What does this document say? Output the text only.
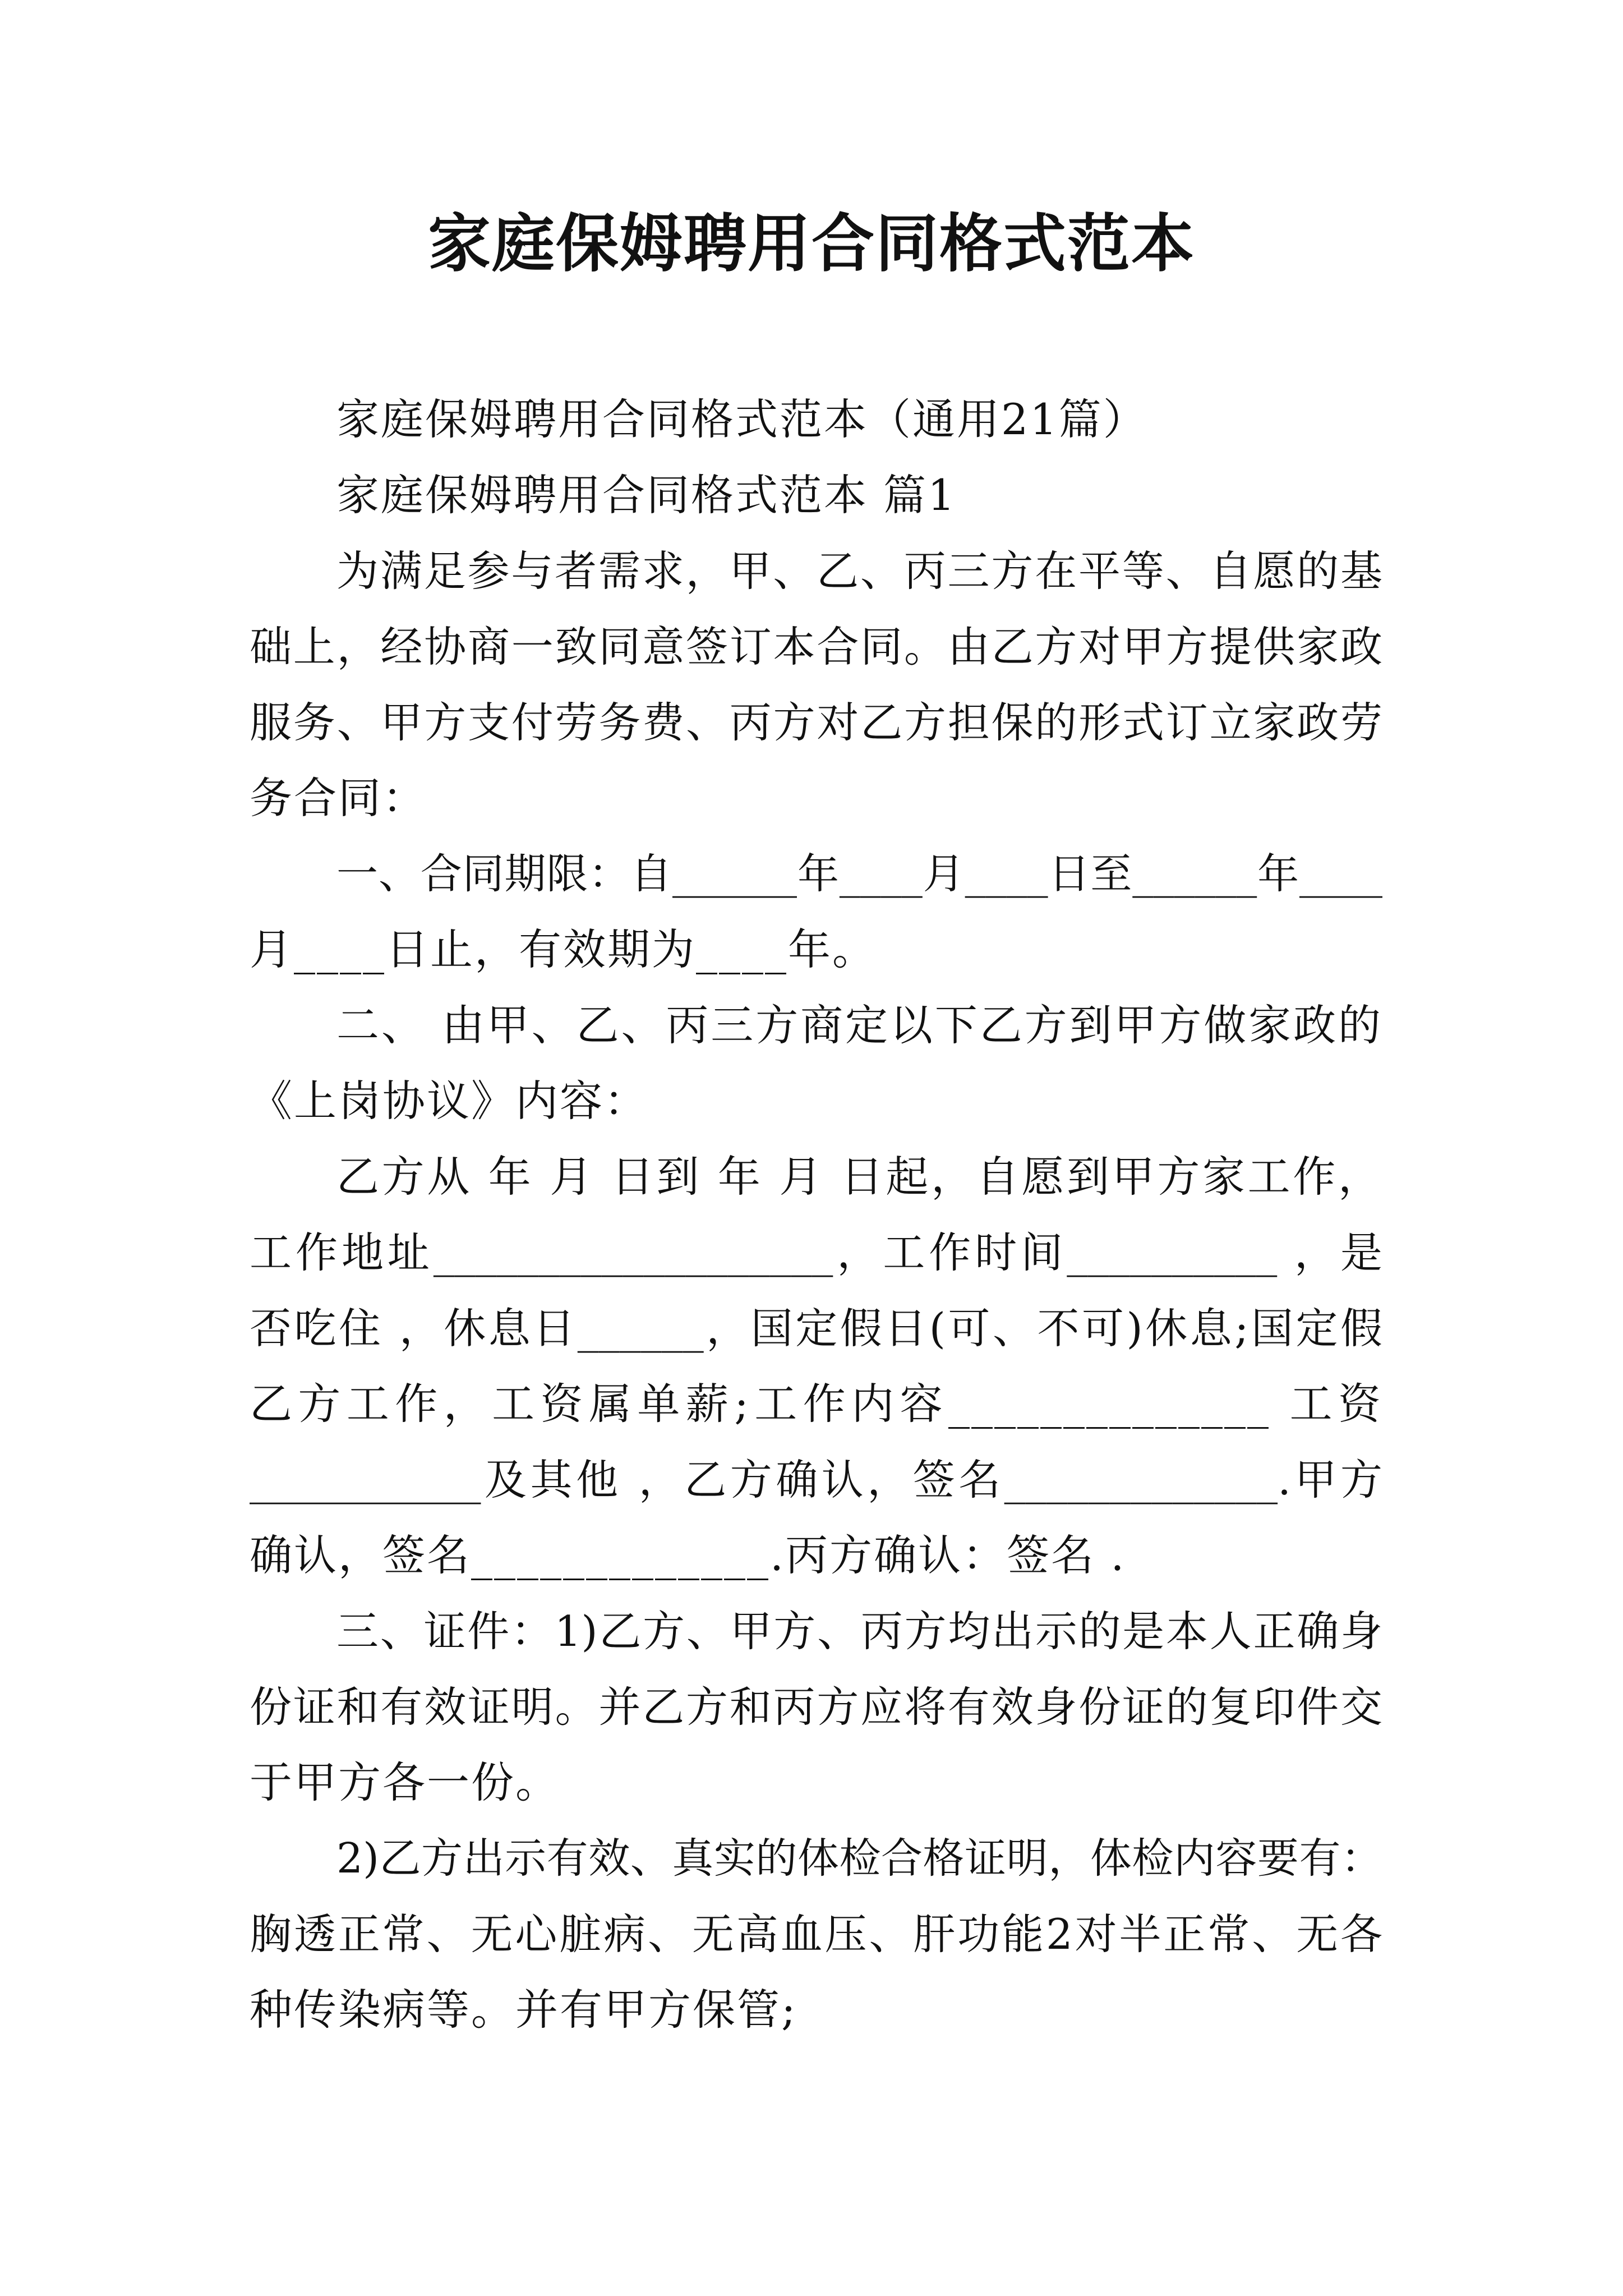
家庭保姆聘用合同格式范本
家庭保姆聘用合同格式范本（通用21篇）
家庭保姆聘用合同格式范本 篇1
为满足参与者需求，甲、乙、丙三方在平等、自愿的基
础上，经协商一致同意签订本合同。由乙方对甲方提供家政
服务、甲方支付劳务费、丙方对乙方担保的形式订立家政劳
务合同：
一、合同期限：自______年____月____日至______年____
月____日止，有效期为____年。
二、 由甲、乙、丙三方商定以下乙方到甲方做家政的
《上岗协议》内容：
乙方从 年 月 日到 年 月 日起，自愿到甲方家工作，
工作地址___________________，工作时间__________ ，是
否吃住 ，休息日______，国定假日(可、不可)休息;国定假
乙方工作，工资属单薪;工作内容______________ 工资
___________及其他 ，乙方确认，签名_____________.甲方
确认，签名_____________.丙方确认：签名 .
三、证件：1)乙方、甲方、丙方均出示的是本人正确身
份证和有效证明。并乙方和丙方应将有效身份证的复印件交
于甲方各一份。
2)乙方出示有效、真实的体检合格证明，体检内容要有：
胸透正常、无心脏病、无高血压、肝功能2对半正常、无各
种传染病等。并有甲方保管;
